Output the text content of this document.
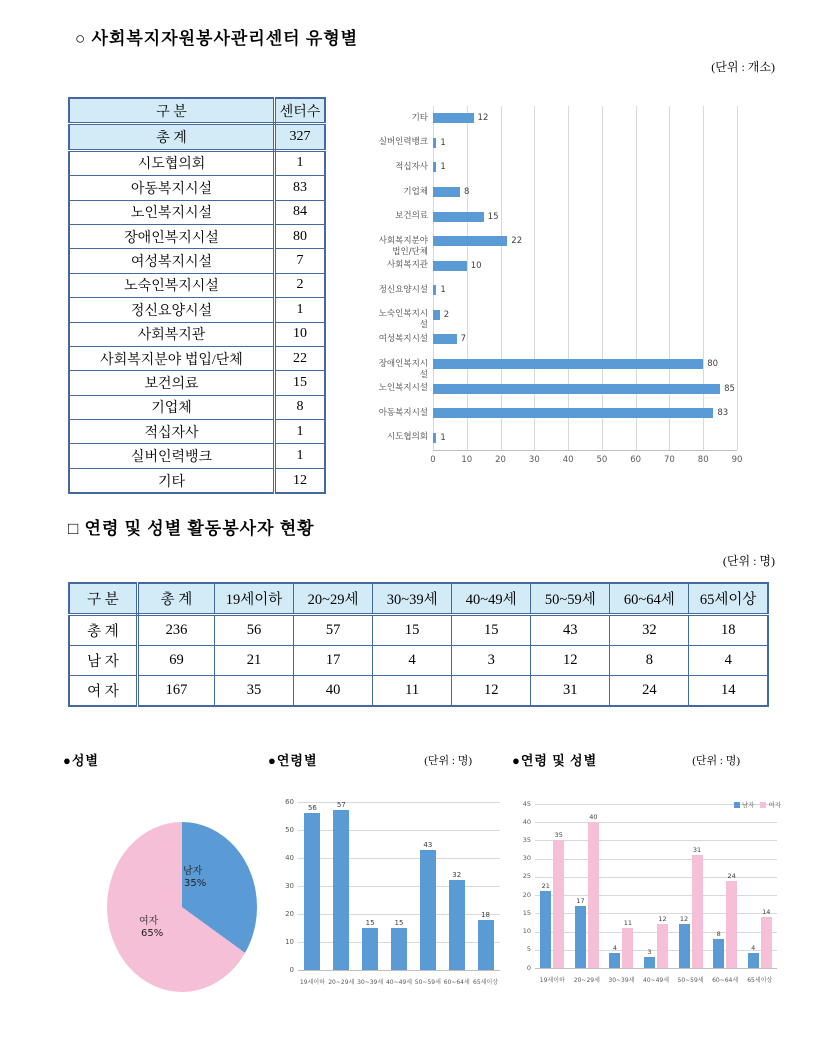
○ 사회복지자원봉사관리센터 유형별
(단위 : 개소)
구 분	센터수
총 계	327
시도협의회	1
아동복지시설	83
노인복지시설	84
장애인복지시설	80
여성복지시설	7
노숙인복지시설	2
정신요양시설	1
사회복지관	10
사회복지분야 법입/단체	22
보건의료	15
기업체	8
적십자사	1
실버인력뱅크	1
기타	12
0	10	20	30	40	50	60	70	80	90
기타	12
실버인력뱅크 1
적십자사 1
기업체	8
보건의료	15
사회복지분야 법인/단체
22
사회복지관	10
정신요양시설 1
노숙인복지시설
2
여성복지시설	7
장애인복지시설
80
노인복지시설	85
아동복지시설	83
시도협의회 1
□ 연령 및 성별 활동봉사자 현황
(단위 : 명)
구 분	총 계	19세이하	20~29세	30~39세	40~49세	50~59세	60~64세	65세이상
총 계	236	56	57	15	15	43	32	18
남 자	69	21	17	4	3	12	8	4
여 자	167	35	40	11	12	31	24	14
●성별	●연령별	(단위 : 명)	●연령 및 성별	(단위 : 명)
남자
35%
여자
65%
0
10
20
30
40
50
60
56
19세이하
57
20~29세
15
30~39세
15
40~49세
43
50~59세
32
60~64세
18
65세이상
0
5
10
15
20
25
30
35
40
45
21
35
19세이하
17
40
20~29세
4
11
30~39세
3
12
40~49세
12
31
50~59세
8
24
60~64세
4
14
65세이상
남자 여자
